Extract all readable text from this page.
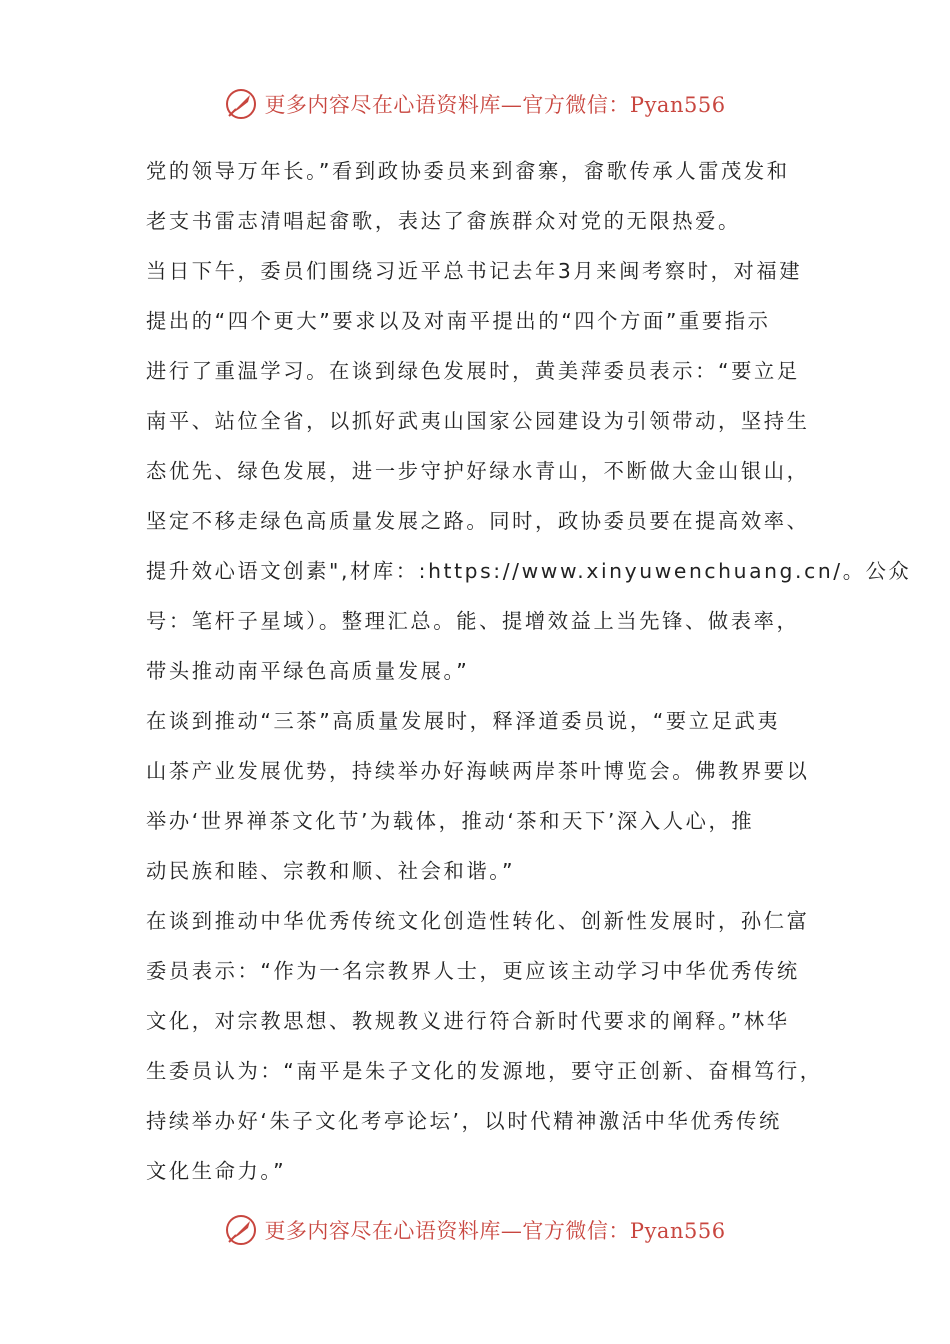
更多内容尽在心语资料库—官方微信：Pyan556
党的领导万年长。”看到政协委员来到畲寨，畲歌传承人雷茂发和
老支书雷志清唱起畲歌，表达了畲族群众对党的无限热爱。
当日下午，委员们围绕习近平总书记去年3月来闽考察时，对福建
提出的“四个更大”要求以及对南平提出的“四个方面”重要指示
进行了重温学习。在谈到绿色发展时，黄美萍委员表示：“要立足
南平、站位全省，以抓好武夷山国家公园建设为引领带动，坚持生
态优先、绿色发展，进一步守护好绿水青山，不断做大金山银山，
坚定不移走绿色高质量发展之路。同时，政协委员要在提高效率、
提升效心语文创素",材库：:https://www.xinyuwenchuang.cn/。公众
号：笔杆子星域）。整理汇总。能、提增效益上当先锋、做表率，
带头推动南平绿色高质量发展。”
在谈到推动“三茶”高质量发展时，释泽道委员说，“要立足武夷
山茶产业发展优势，持续举办好海峡两岸茶叶博览会。佛教界要以
举办‘世界禅茶文化节’为载体，推动‘茶和天下’深入人心，推
动民族和睦、宗教和顺、社会和谐。”
在谈到推动中华优秀传统文化创造性转化、创新性发展时，孙仁富
委员表示：“作为一名宗教界人士，更应该主动学习中华优秀传统
文化，对宗教思想、教规教义进行符合新时代要求的阐释。”林华
生委员认为：“南平是朱子文化的发源地，要守正创新、奋楫笃行，
持续举办好‘朱子文化考亭论坛’，以时代精神激活中华优秀传统
文化生命力。”
更多内容尽在心语资料库—官方微信：Pyan556
